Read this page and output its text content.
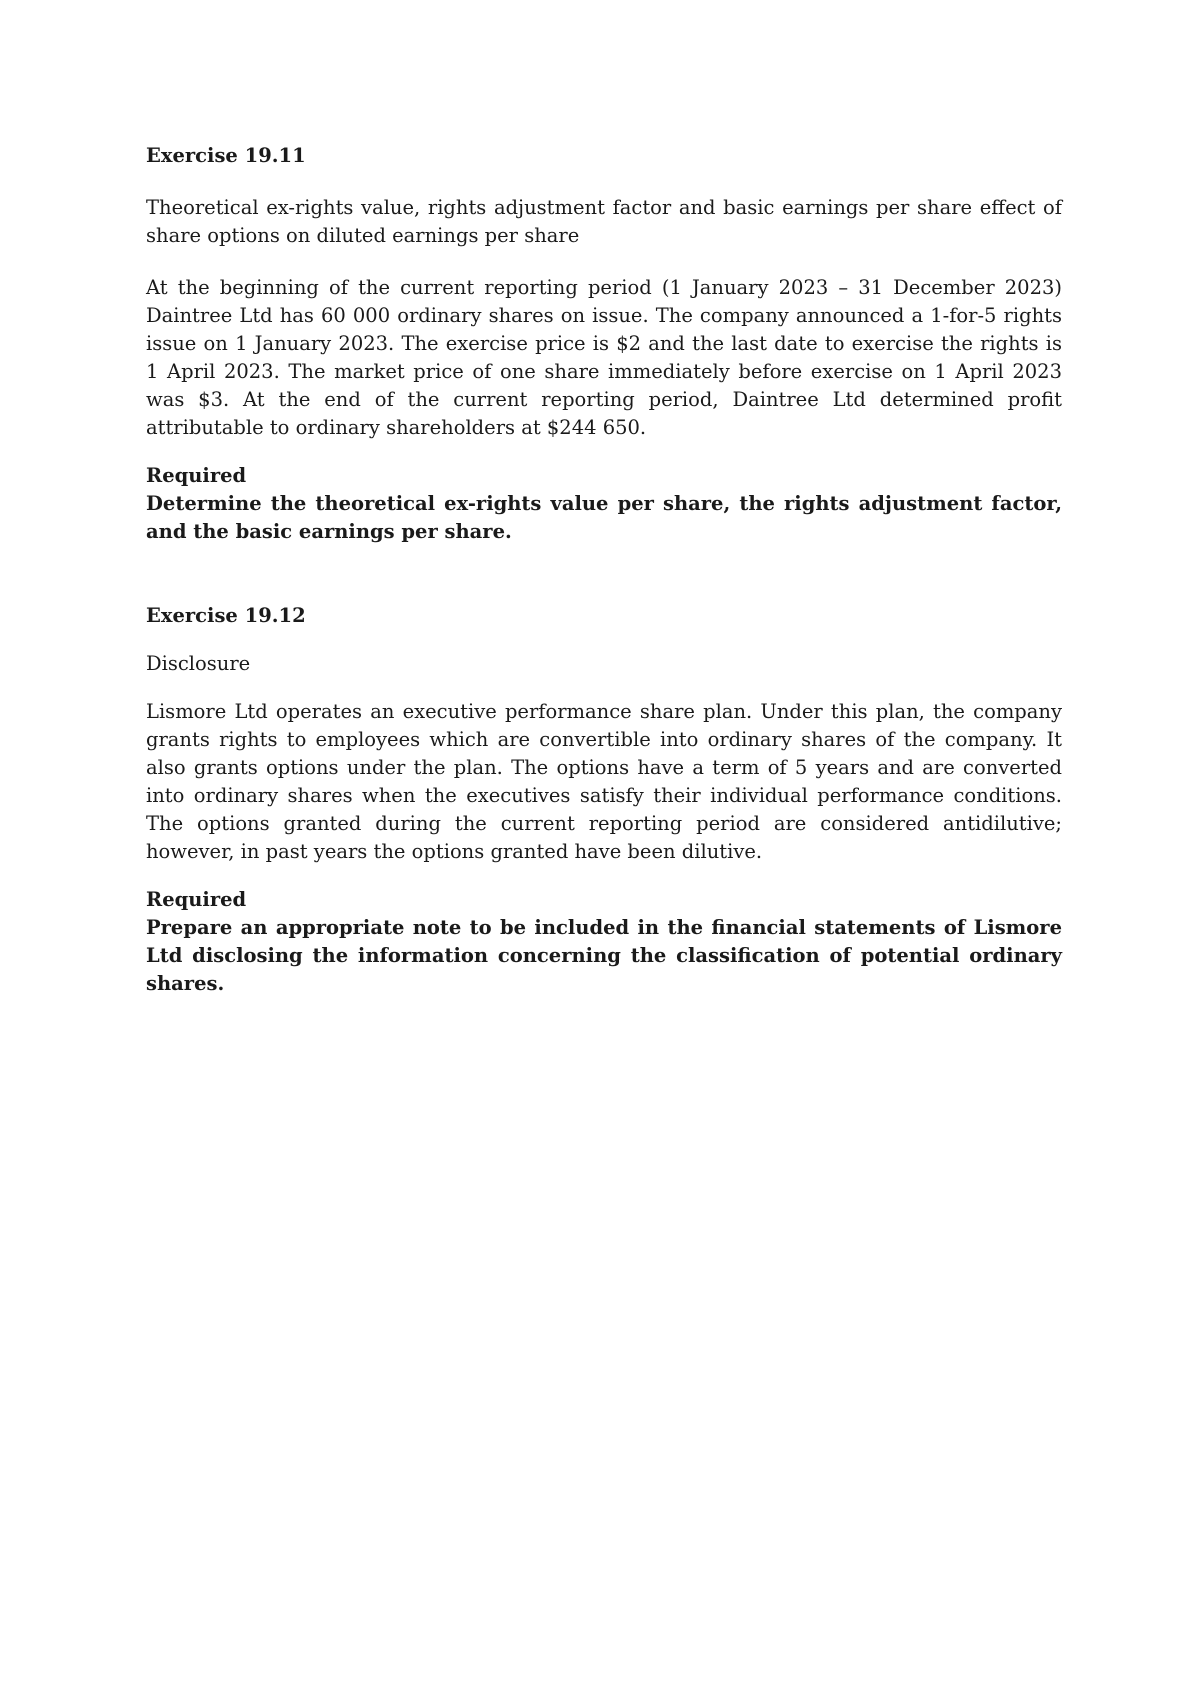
Exercise 19.11

Theoretical ex-rights value, rights adjustment factor and basic earnings per share effect of share options on diluted earnings per share

At the beginning of the current reporting period (1 January 2023 – 31 December 2023) Daintree Ltd has 60 000 ordinary shares on issue. The company announced a 1-for-5 rights issue on 1 January 2023. The exercise price is $2 and the last date to exercise the rights is 1 April 2023. The market price of one share immediately before exercise on 1 April 2023 was $3. At the end of the current reporting period, Daintree Ltd determined profit attributable to ordinary shareholders at $244 650.

Required

Determine the theoretical ex-rights value per share, the rights adjustment factor, and the basic earnings per share.

Exercise 19.12

Disclosure

Lismore Ltd operates an executive performance share plan. Under this plan, the company grants rights to employees which are convertible into ordinary shares of the company. It also grants options under the plan. The options have a term of 5 years and are converted into ordinary shares when the executives satisfy their individual performance conditions. The options granted during the current reporting period are considered antidilutive; however, in past years the options granted have been dilutive.

Required

Prepare an appropriate note to be included in the financial statements of Lismore Ltd disclosing the information concerning the classification of potential ordinary shares.
